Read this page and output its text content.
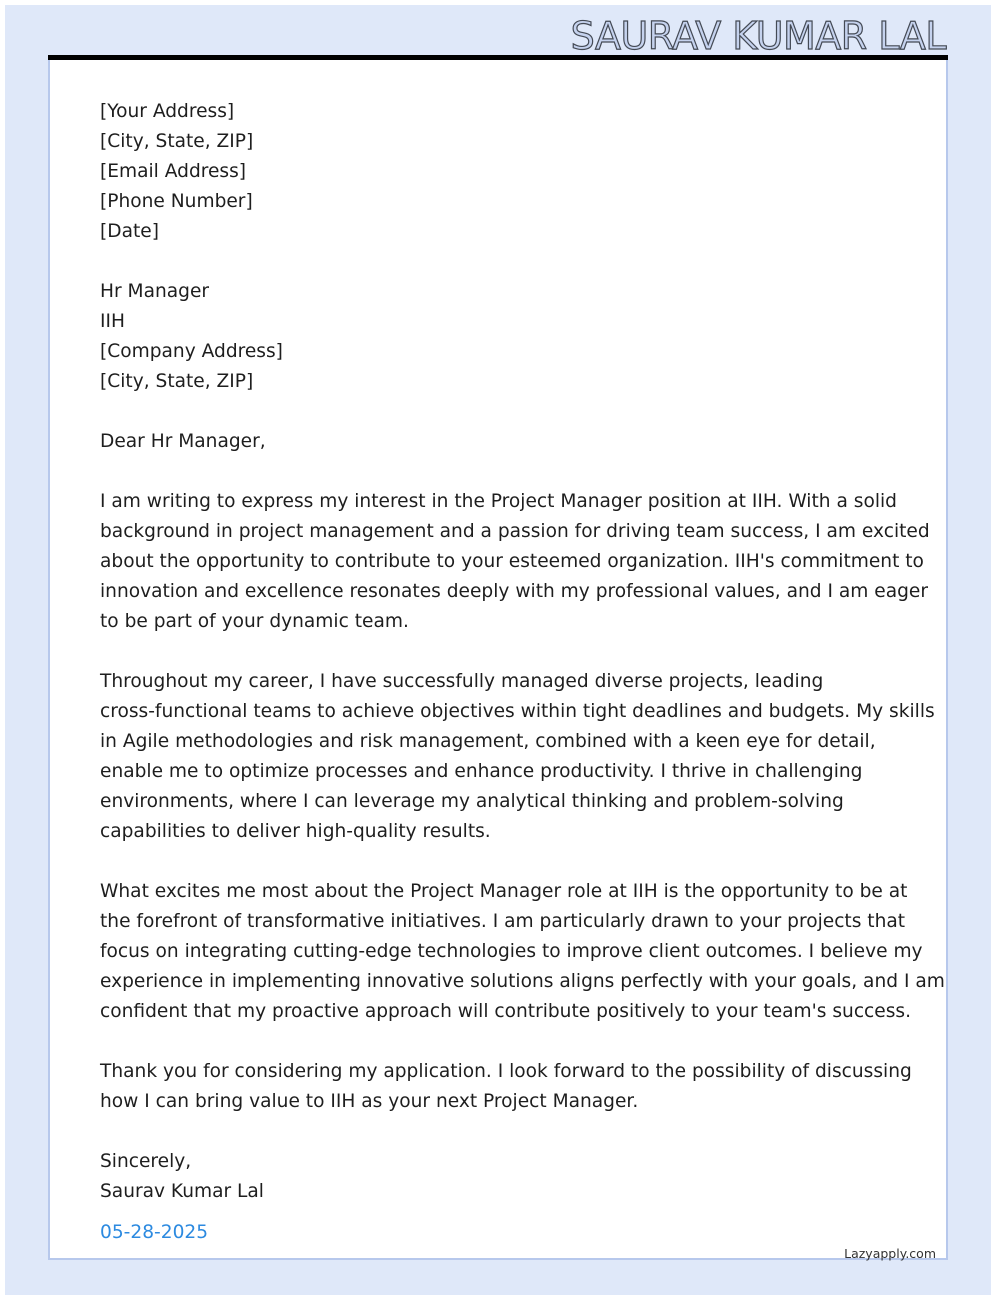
SAURAV KUMAR LAL
[Your Address]
[City, State, ZIP]
[Email Address]
[Phone Number]
[Date]
Hr Manager
IIH
[Company Address]
[City, State, ZIP]
Dear Hr Manager,
I am writing to express my interest in the Project Manager position at IIH. With a solid
background in project management and a passion for driving team success, I am excited
about the opportunity to contribute to your esteemed organization. IIH's commitment to
innovation and excellence resonates deeply with my professional values, and I am eager
to be part of your dynamic team.
Throughout my career, I have successfully managed diverse projects, leading
cross-functional teams to achieve objectives within tight deadlines and budgets. My skills
in Agile methodologies and risk management, combined with a keen eye for detail,
enable me to optimize processes and enhance productivity. I thrive in challenging
environments, where I can leverage my analytical thinking and problem-solving
capabilities to deliver high-quality results.
What excites me most about the Project Manager role at IIH is the opportunity to be at
the forefront of transformative initiatives. I am particularly drawn to your projects that
focus on integrating cutting-edge technologies to improve client outcomes. I believe my
experience in implementing innovative solutions aligns perfectly with your goals, and I am
confident that my proactive approach will contribute positively to your team's success.
Thank you for considering my application. I look forward to the possibility of discussing
how I can bring value to IIH as your next Project Manager.
Sincerely,
Saurav Kumar Lal
05-28-2025
Lazyapply.com
